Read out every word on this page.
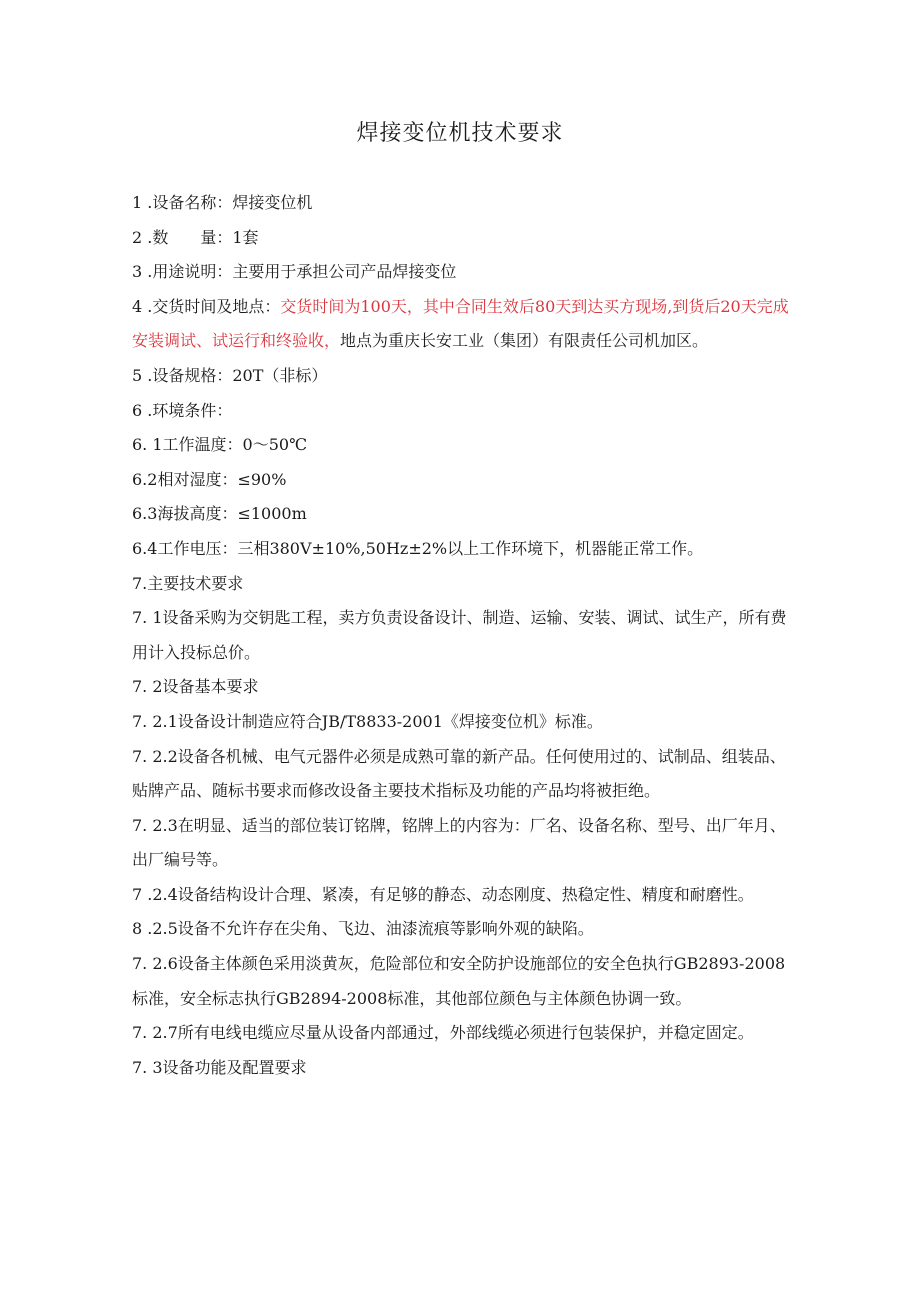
焊接变位机技术要求

1 .设备名称：焊接变位机

2 .数　　量：1套

3 .用途说明：主要用于承担公司产品焊接变位

4 .交货时间及地点：交货时间为100天，其中合同生效后80天到达买方现场,到货后20天完成安装调试、试运行和终验收，地点为重庆长安工业（集团）有限责任公司机加区。

5 .设备规格：20T（非标）

6 .环境条件：

6. 1工作温度：0～50℃

6.2相对湿度：≤90%

6.3海拔高度：≤1000m

6.4工作电压：三相380V±10%,50Hz±2%以上工作环境下，机器能正常工作。

7.主要技术要求

7. 1设备采购为交钥匙工程，卖方负责设备设计、制造、运输、安装、调试、试生产，所有费用计入投标总价。

7. 2设备基本要求

7. 2.1设备设计制造应符合JB/T8833-2001《焊接变位机》标准。

7. 2.2设备各机械、电气元器件必须是成熟可靠的新产品。任何使用过的、试制品、组装品、贴牌产品、随标书要求而修改设备主要技术指标及功能的产品均将被拒绝。

7. 2.3在明显、适当的部位装订铭牌，铭牌上的内容为：厂名、设备名称、型号、出厂年月、出厂编号等。

7 .2.4设备结构设计合理、紧凑，有足够的静态、动态刚度、热稳定性、精度和耐磨性。

8 .2.5设备不允许存在尖角、飞边、油漆流痕等影响外观的缺陷。

7. 2.6设备主体颜色采用淡黄灰，危险部位和安全防护设施部位的安全色执行GB2893-2008标准，安全标志执行GB2894-2008标准，其他部位颜色与主体颜色协调一致。

7. 2.7所有电线电缆应尽量从设备内部通过，外部线缆必须进行包装保护，并稳定固定。

7. 3设备功能及配置要求
